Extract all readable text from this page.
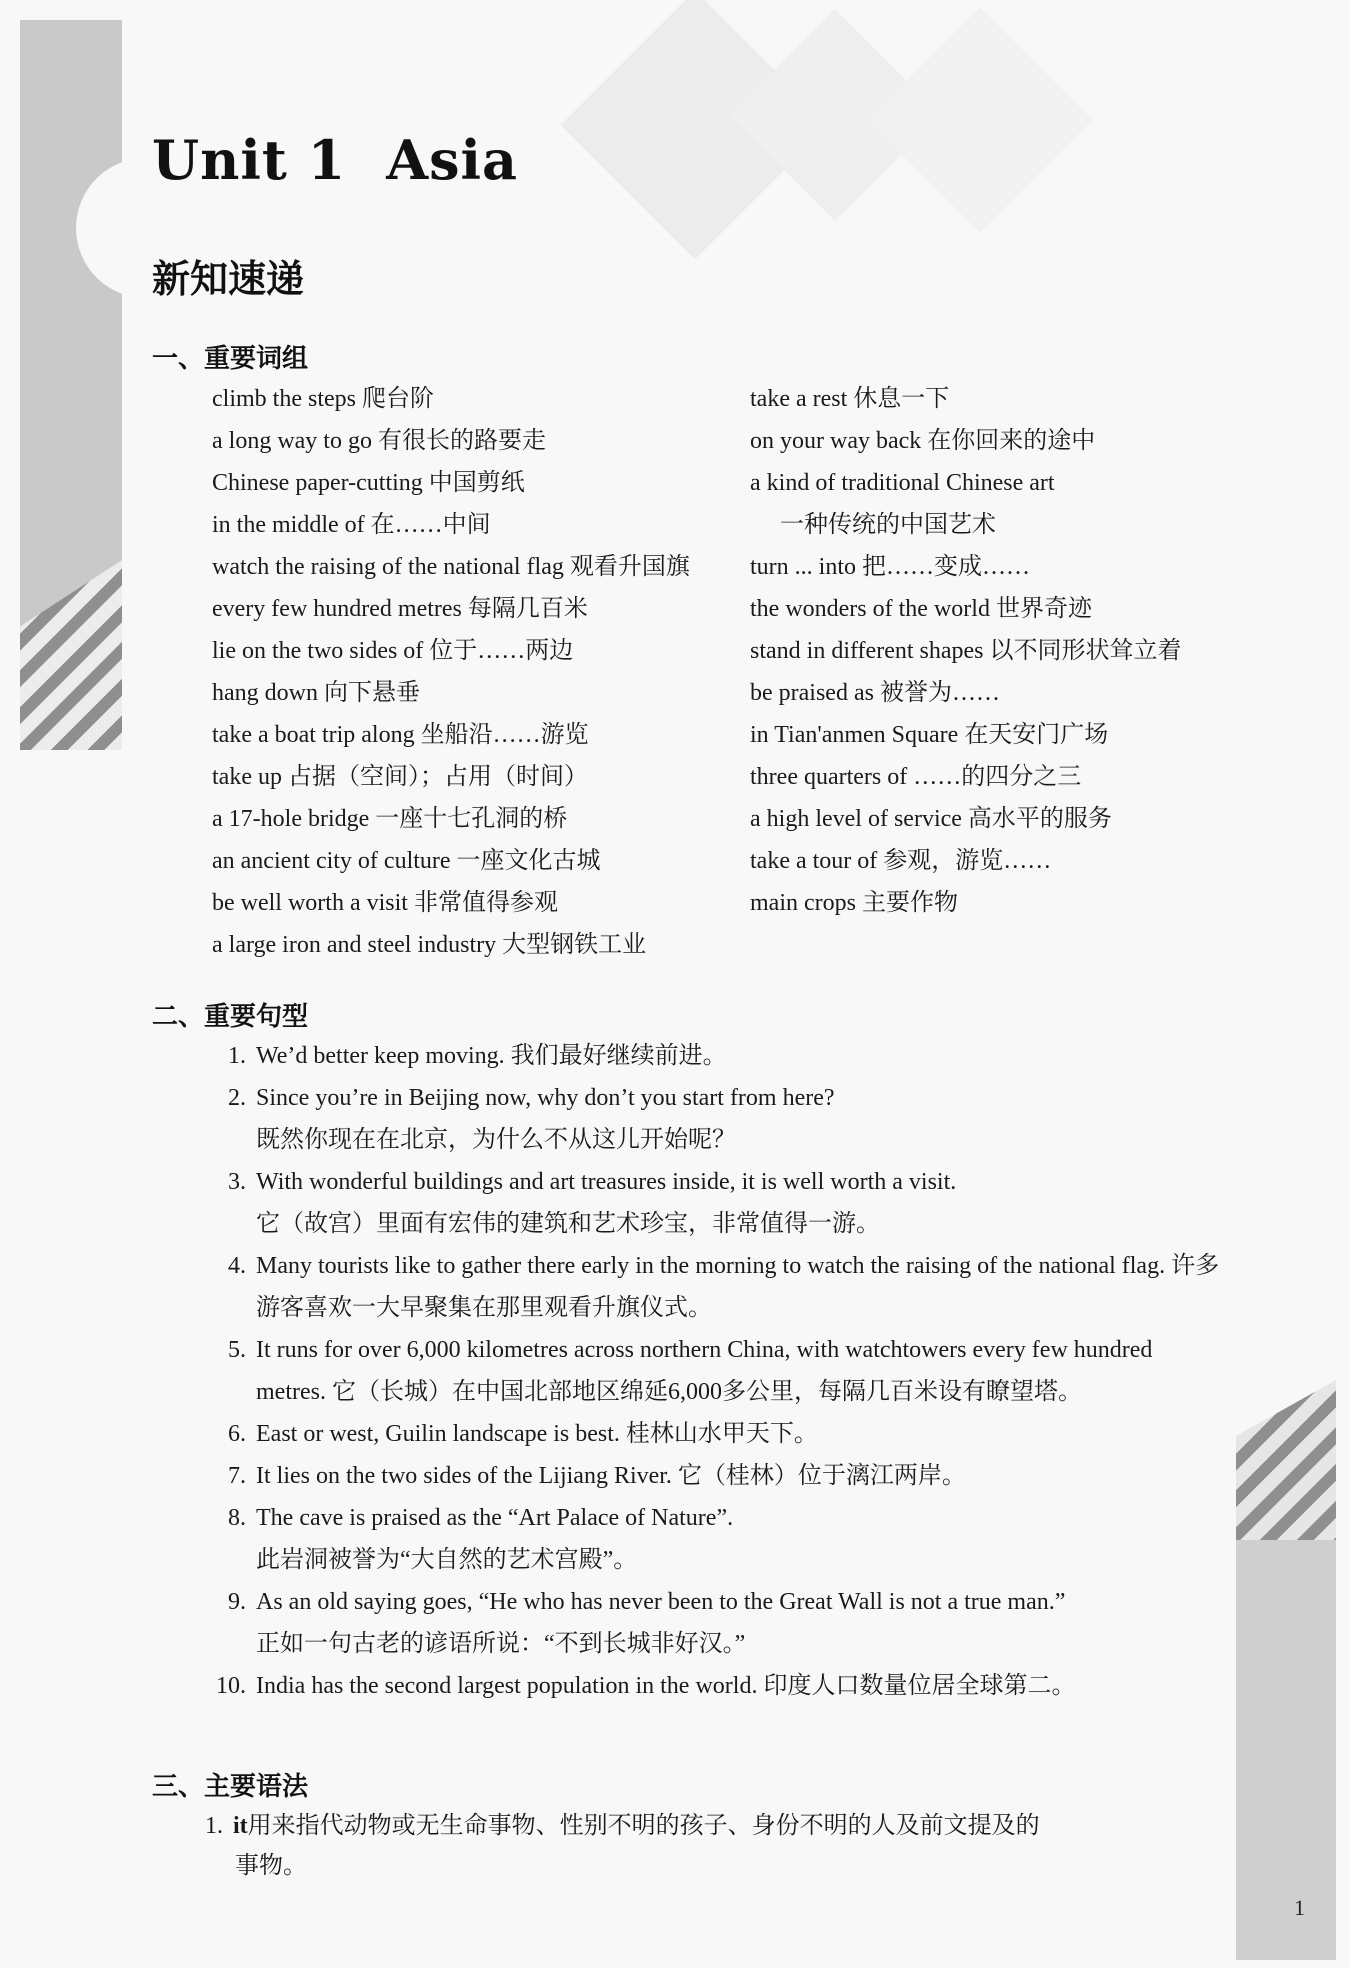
Unit 1 Asia
新知速递
一、重要词组
climb the steps 爬台阶
a long way to go 有很长的路要走
Chinese paper-cutting 中国剪纸
in the middle of 在……中间
watch the raising of the national flag 观看升国旗
every few hundred metres 每隔几百米
lie on the two sides of 位于……两边
hang down 向下悬垂
take a boat trip along 坐船沿……游览
take up 占据（空间）；占用（时间）
a 17-hole bridge 一座十七孔洞的桥
an ancient city of culture 一座文化古城
be well worth a visit 非常值得参观
a large iron and steel industry 大型钢铁工业
take a rest 休息一下
on your way back 在你回来的途中
a kind of traditional Chinese art
一种传统的中国艺术
turn ... into 把……变成……
the wonders of the world 世界奇迹
stand in different shapes 以不同形状耸立着
be praised as 被誉为……
in Tian'anmen Square 在天安门广场
three quarters of ……的四分之三
a high level of service 高水平的服务
take a tour of 参观，游览……
main crops 主要作物
二、重要句型
1. We’d better keep moving. 我们最好继续前进。
2. Since you’re in Beijing now, why don’t you start from here?
既然你现在在北京，为什么不从这儿开始呢？
3. With wonderful buildings and art treasures inside, it is well worth a visit.
它（故宫）里面有宏伟的建筑和艺术珍宝，非常值得一游。
4. Many tourists like to gather there early in the morning to watch the raising of the national flag. 许多游客喜欢一大早聚集在那里观看升旗仪式。
5. It runs for over 6,000 kilometres across northern China, with watchtowers every few hundred metres. 它（长城）在中国北部地区绵延6,000多公里，每隔几百米设有瞭望塔。
6. East or west, Guilin landscape is best. 桂林山水甲天下。
7. It lies on the two sides of the Lijiang River. 它（桂林）位于漓江两岸。
8. The cave is praised as the “Art Palace of Nature”.
此岩洞被誉为“大自然的艺术宫殿”。
9. As an old saying goes, “He who has never been to the Great Wall is not a true man.”
正如一句古老的谚语所说：“不到长城非好汉。”
10. India has the second largest population in the world. 印度人口数量位居全球第二。
三、主要语法

1. it用来指代动物或无生命事物、性别不明的孩子、身份不明的人及前文提及的
事物。

1
